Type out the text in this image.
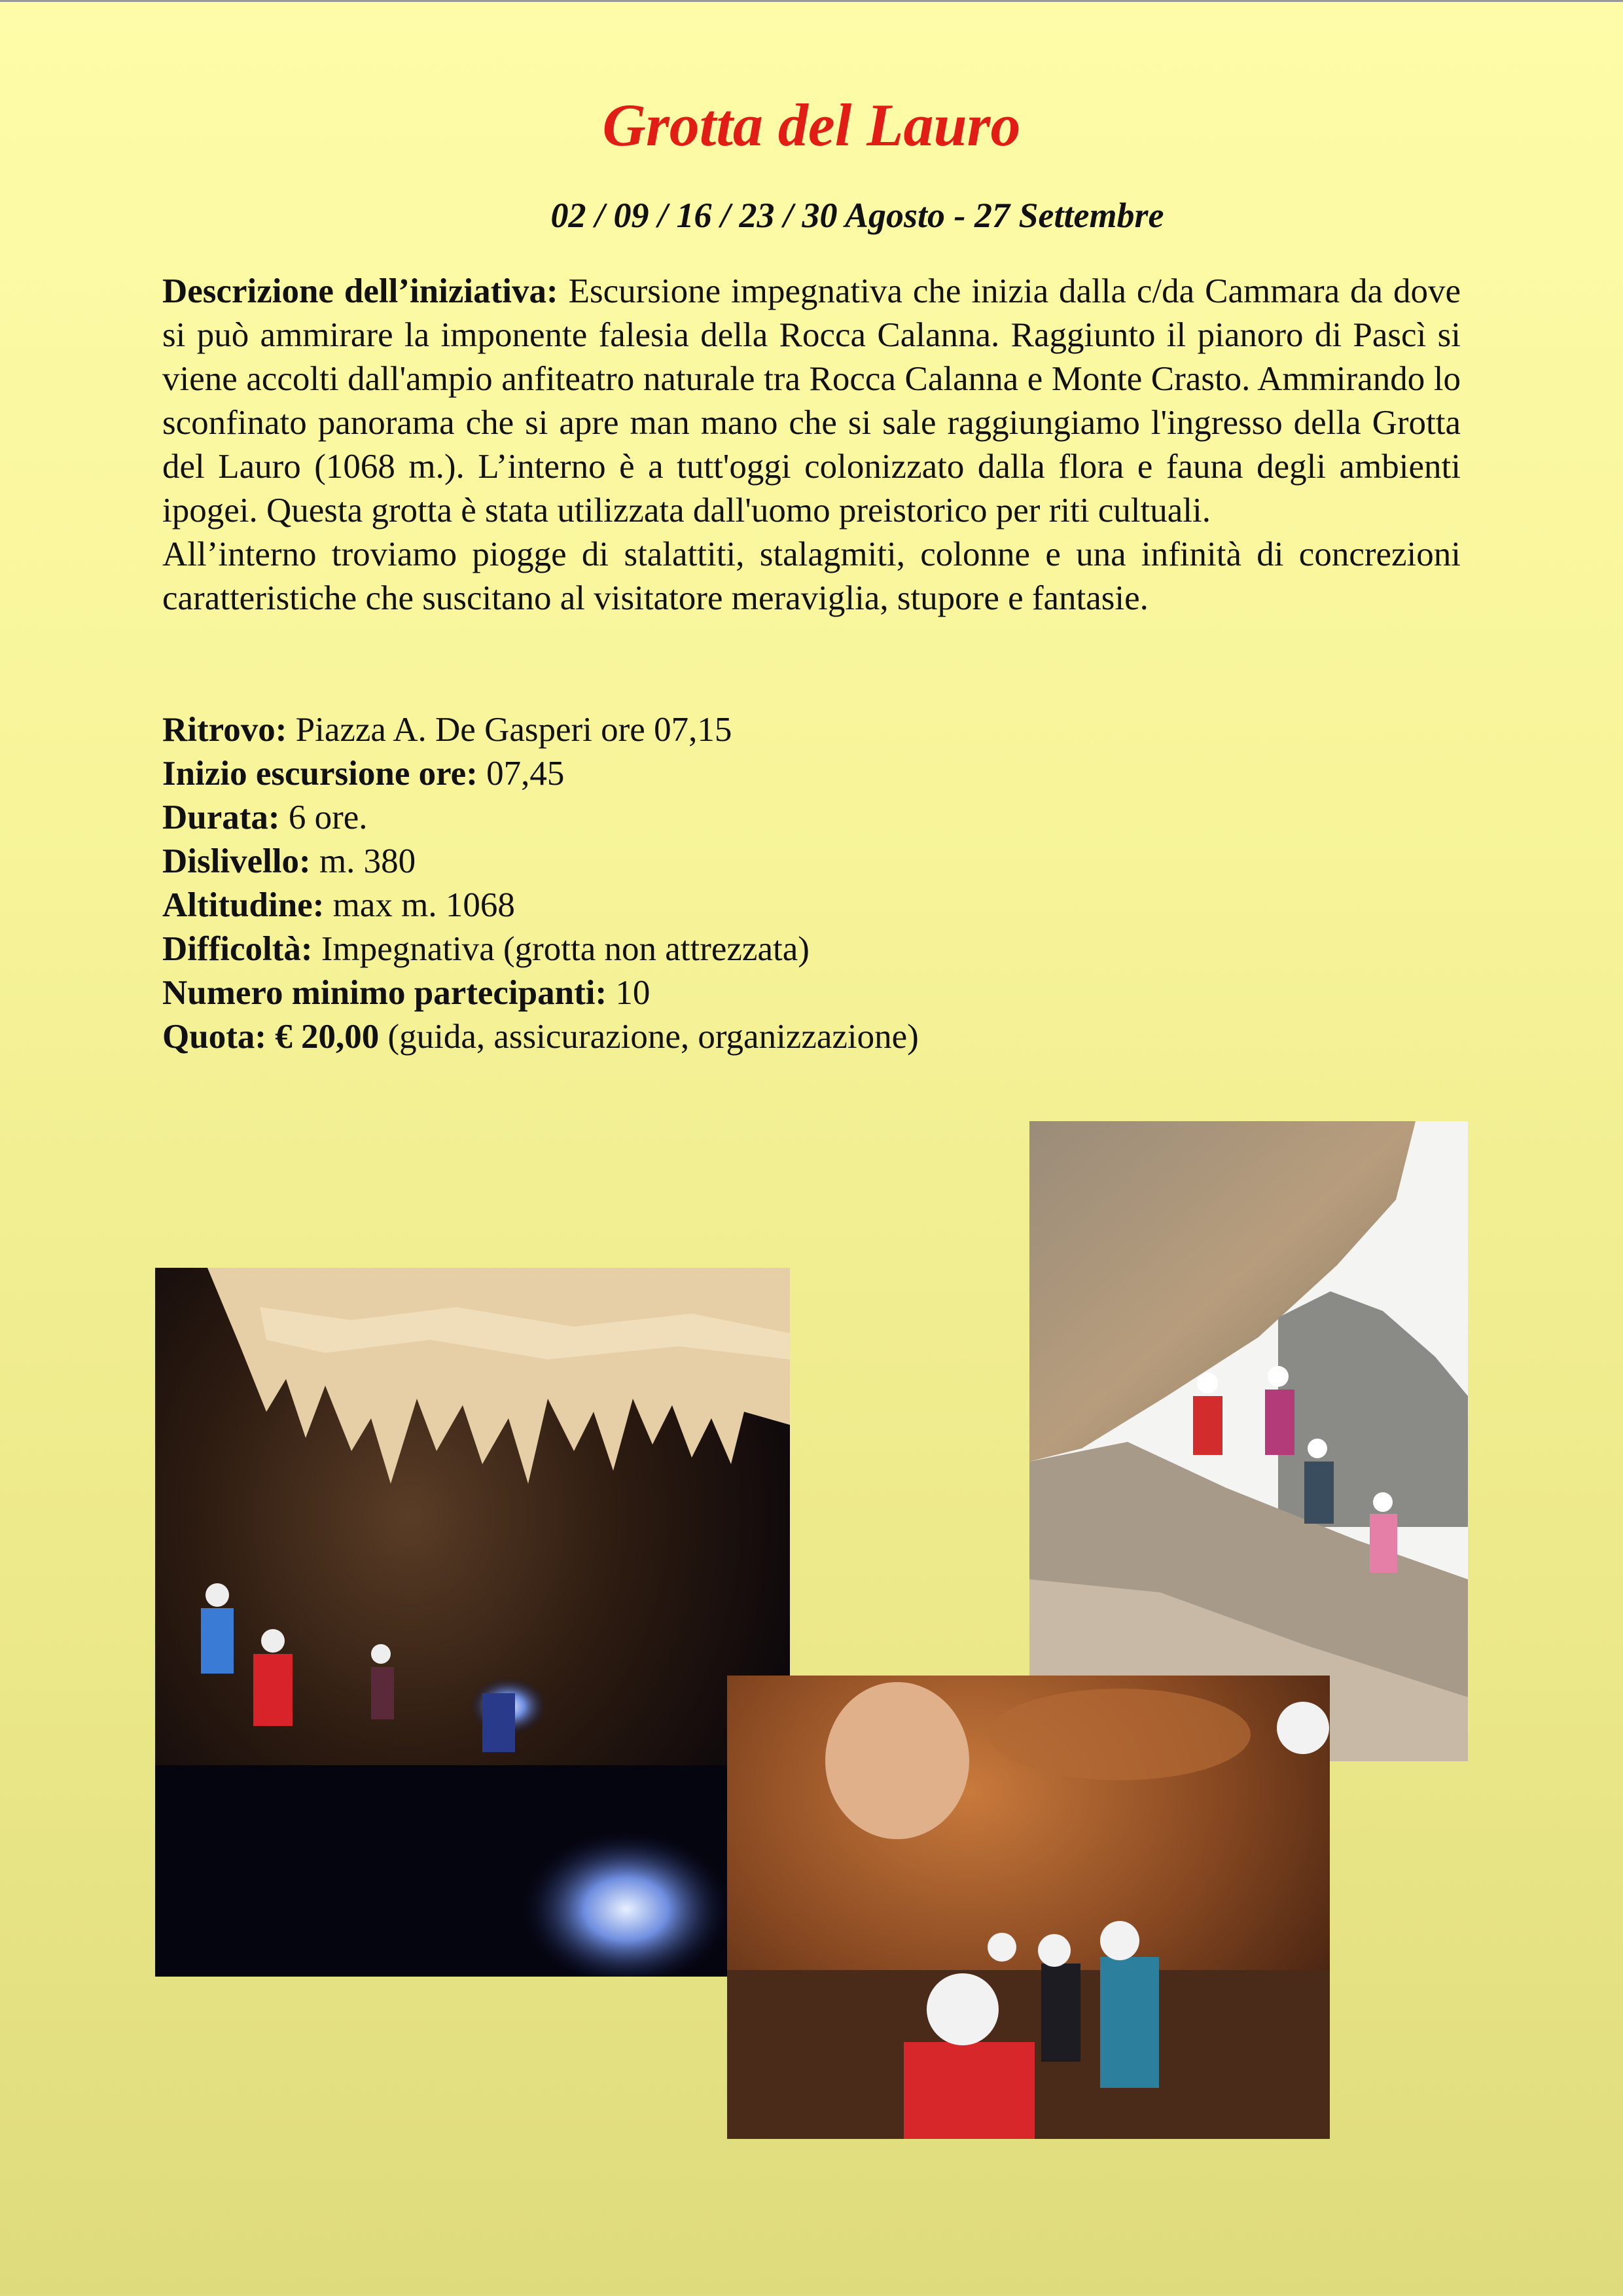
Grotta del Lauro
02 / 09 / 16 / 23 / 30 Agosto - 27 Settembre
Descrizione dell’iniziativa: Escursione impegnativa che inizia dalla c/da Cammara da dove si può ammirare la imponente falesia della Rocca Calanna. Raggiunto il pianoro di Pascì si viene accolti dall'ampio anfiteatro naturale tra Rocca Calanna e Monte Crasto. Ammirando lo sconfinato panorama che si apre man mano che si sale raggiungiamo l'ingresso della Grotta del Lauro (1068 m.). L’interno è a tutt'oggi colonizzato dalla flora e fauna degli ambienti ipogei. Questa grotta è stata utilizzata dall'uomo preistorico per riti cultuali.
All’interno troviamo piogge di stalattiti, stalagmiti, colonne e una infinità di concrezioni caratteristiche che suscitano al visitatore meraviglia, stupore e fantasie.
Ritrovo: Piazza A. De Gasperi ore 07,15
Inizio escursione ore: 07,45
Durata: 6 ore.
Dislivello: m. 380
Altitudine: max m. 1068
Difficoltà: Impegnativa (grotta non attrezzata)
Numero minimo partecipanti: 10
Quota: € 20,00 (guida, assicurazione, organizzazione)
